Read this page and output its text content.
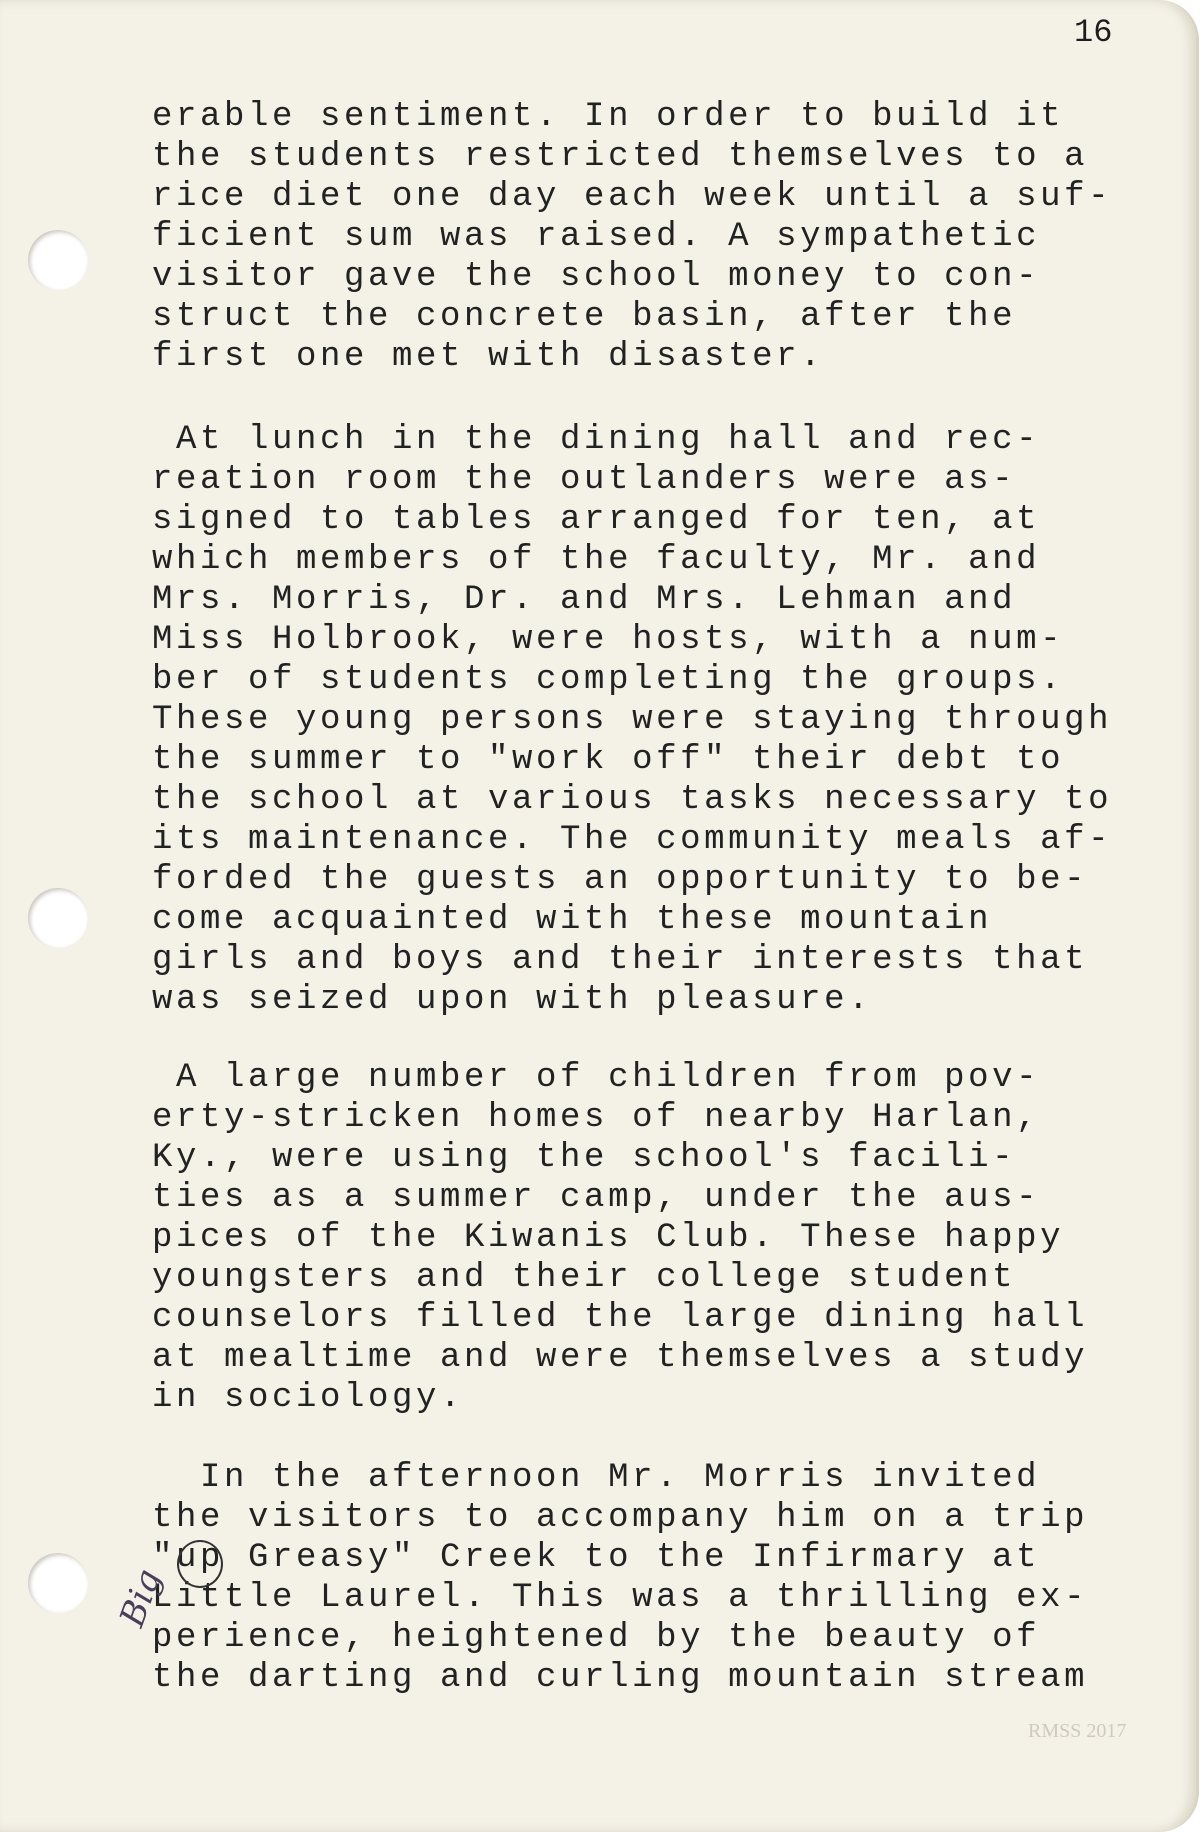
16
erable sentiment. In order to build it
the students restricted themselves to a
rice diet one day each week until a suf-
ficient sum was raised. A sympathetic
visitor gave the school money to con-
struct the concrete basin, after the
first one met with disaster.
At lunch in the dining hall and rec-
reation room the outlanders were as-
signed to tables arranged for ten, at
which members of the faculty, Mr. and
Mrs. Morris, Dr. and Mrs. Lehman and
Miss Holbrook, were hosts, with a num-
ber of students completing the groups.
These young persons were staying through
the summer to "work off" their debt to
the school at various tasks necessary to
its maintenance. The community meals af-
forded the guests an opportunity to be-
come acquainted with these mountain
girls and boys and their interests that
was seized upon with pleasure.
A large number of children from pov-
erty-stricken homes of nearby Harlan,
Ky., were using the school's facili-
ties as a summer camp, under the aus-
pices of the Kiwanis Club. These happy
youngsters and their college student
counselors filled the large dining hall
at mealtime and were themselves a study
in sociology.
In the afternoon Mr. Morris invited
the visitors to accompany him on a trip
"up Greasy" Creek to the Infirmary at
Little Laurel. This was a thrilling ex-
perience, heightened by the beauty of
the darting and curling mountain stream
Big
RMSS 2017
